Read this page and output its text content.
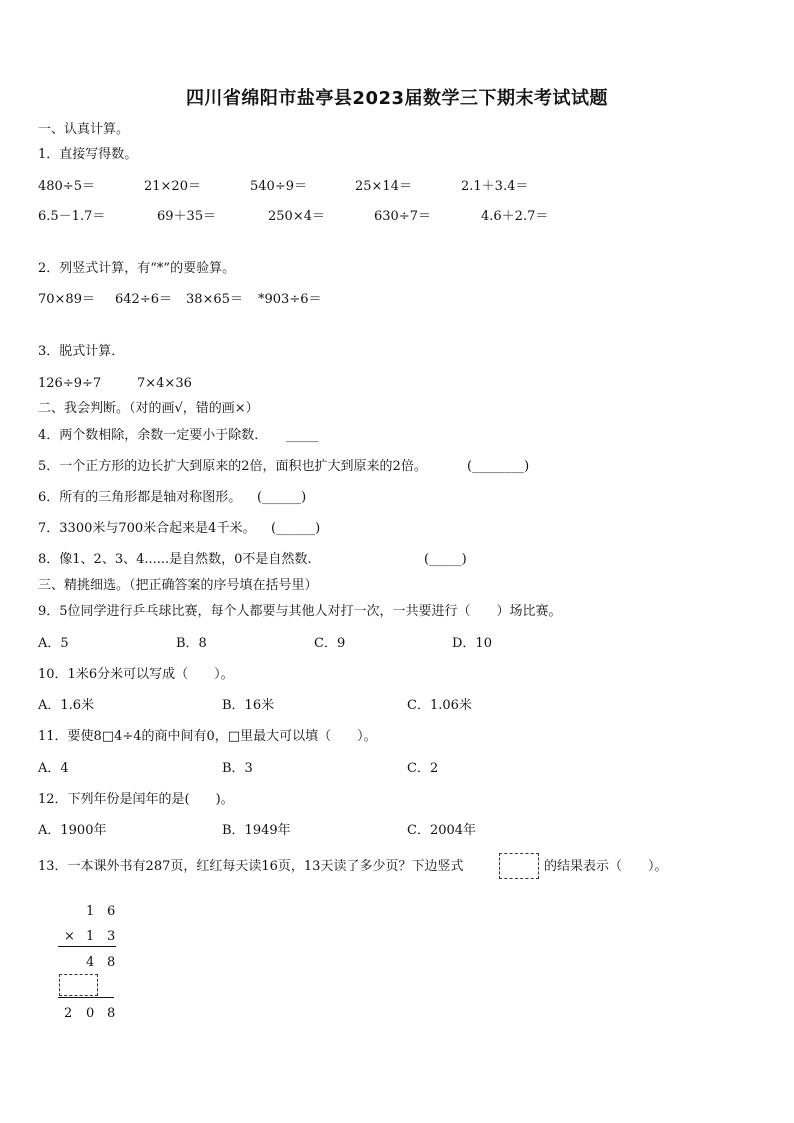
四川省绵阳市盐亭县2023届数学三下期末考试试题
一、认真计算。
1．直接写得数。
480÷5＝	21×20＝	540÷9＝	25×14＝	2.1＋3.4＝
6.5－1.7＝	69＋35＝	250×4＝	630÷7＝	4.6＋2.7＝
2．列竖式计算，有“*”的要验算。
70×89＝ 642÷6＝ 38×65＝ *903÷6＝
3．脱式计算．
126÷9÷7	7×4×36
二、我会判断。（对的画√，错的画×）
4．两个数相除，余数一定要小于除数． _____
5．一个正方形的边长扩大到原来的2倍，面积也扩大到原来的2倍。	(________)
6．所有的三角形都是轴对称图形。 (______)
7．3300米与700米合起来是4千米。 (______)
8．像1、2、3、4......是自然数，0不是自然数.	(_____)
三、精挑细选。（把正确答案的序号填在括号里）
9．5位同学进行乒乓球比赛，每个人都要与其他人对打一次，一共要进行（　　）场比赛。
A．5	B．8	C．9	D．10
10．1米6分米可以写成（　　）。
A．1.6米	B．16米	C．1.06米
11．要使8□4÷4的商中间有0，□里最大可以填（　　）。
A．4	B．3	C．2
12．下列年份是闰年的是(　　)。
A．1900年	B．1949年	C．2004年
13．一本课外书有287页，红红每天读16页，13天读了多少页？下边竖式	的结果表示（　　）。
1 6
× 1 3
4 8
2 0 8
